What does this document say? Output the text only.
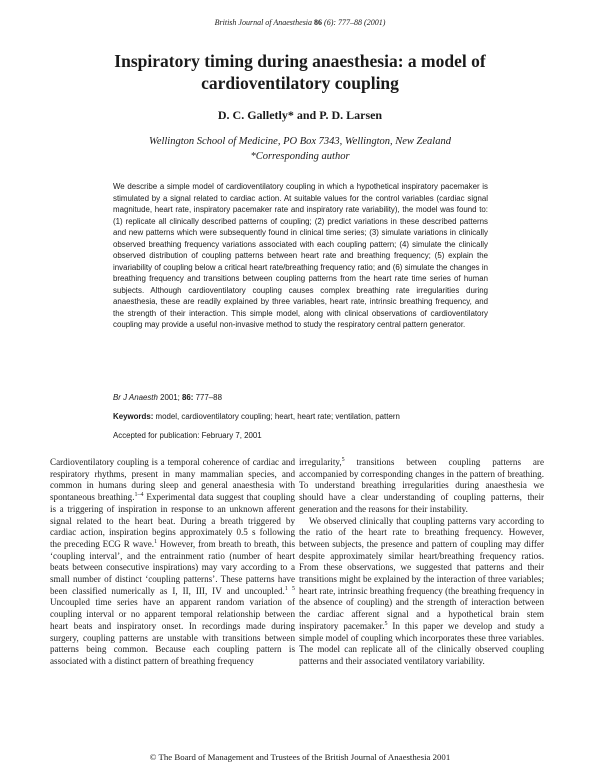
British Journal of Anaesthesia 86 (6): 777–88 (2001)
Inspiratory timing during anaesthesia: a model of cardioventilatory coupling
D. C. Galletly* and P. D. Larsen
Wellington School of Medicine, PO Box 7343, Wellington, New Zealand
*Corresponding author

We describe a simple model of cardioventilatory coupling in which a hypothetical inspiratory pacemaker is stimulated by a signal related to cardiac action. At suitable values for the control variables (cardiac signal magnitude, heart rate, inspiratory pacemaker rate and inspiratory rate variability), the model was found to: (1) replicate all clinically described patterns of coupling; (2) predict variations in these described patterns and new patterns which were subsequently found in clinical time series; (3) simulate variations in clinically observed breathing frequency variations associated with each coupling pattern; (4) simulate the clinically observed distribution of coupling patterns between heart rate and breathing frequency; (5) explain the invariability of coupling below a critical heart rate/breathing frequency ratio; and (6) simulate the changes in breathing frequency and transitions between coupling patterns from the heart rate time series of human subjects. Although cardioventilatory coupling causes complex breathing rate irregularities during anaesthesia, these are readily explained by three variables, heart rate, intrinsic breathing frequency, and the strength of their interaction. This simple model, along with clinical observations of cardioventilatory coupling may provide a useful non-invasive method to study the respiratory central pattern generator.

Br J Anaesth 2001; 86: 777–88
Keywords: model, cardioventilatory coupling; heart, heart rate; ventilation, pattern
Accepted for publication: February 7, 2001

Cardioventilatory coupling is a temporal coherence of cardiac and respiratory rhythms, present in many mammalian species, and common in humans during sleep and general anaesthesia with spontaneous breathing.$^{1-4}$ Experimental data suggest that coupling is a triggering of inspiration in response to an unknown afferent signal related to the heart beat. During a breath triggered by cardiac action, inspiration begins approximately 0.5 s following the preceding ECG R wave.$^1$ However, from breath to breath, this ‘coupling interval’, and the entrainment ratio (number of heart beats between consecutive inspirations) may vary according to a small number of distinct ‘coupling patterns’. These patterns have been classified numerically as I, II, III, IV and uncoupled.$^{1 5}$ Uncoupled time series have an apparent random variation of coupling interval or no apparent temporal relationship between heart beats and inspiratory onset. In recordings made during surgery, coupling patterns are unstable with transitions between patterns being common. Because each coupling pattern is associated with a distinct pattern of breathing frequency

irregularity,$^5$ transitions between coupling patterns are accompanied by corresponding changes in the pattern of breathing. To understand breathing irregularities during anaesthesia we should have a clear understanding of coupling patterns, their generation and the reasons for their instability.

We observed clinically that coupling patterns vary according to the ratio of the heart rate to breathing frequency. However, between subjects, the presence and pattern of coupling may differ despite approximately similar heart/breathing frequency ratios. From these observations, we suggested that patterns and their transitions might be explained by the interaction of three variables; heart rate, intrinsic breathing frequency (the breathing frequency in the absence of coupling) and the strength of interaction between the cardiac afferent signal and a hypothetical brain stem inspiratory pacemaker.$^5$ In this paper we develop and study a simple model of coupling which incorporates these three variables. The model can replicate all of the clinically observed coupling patterns and their associated ventilatory variability.

© The Board of Management and Trustees of the British Journal of Anaesthesia 2001
